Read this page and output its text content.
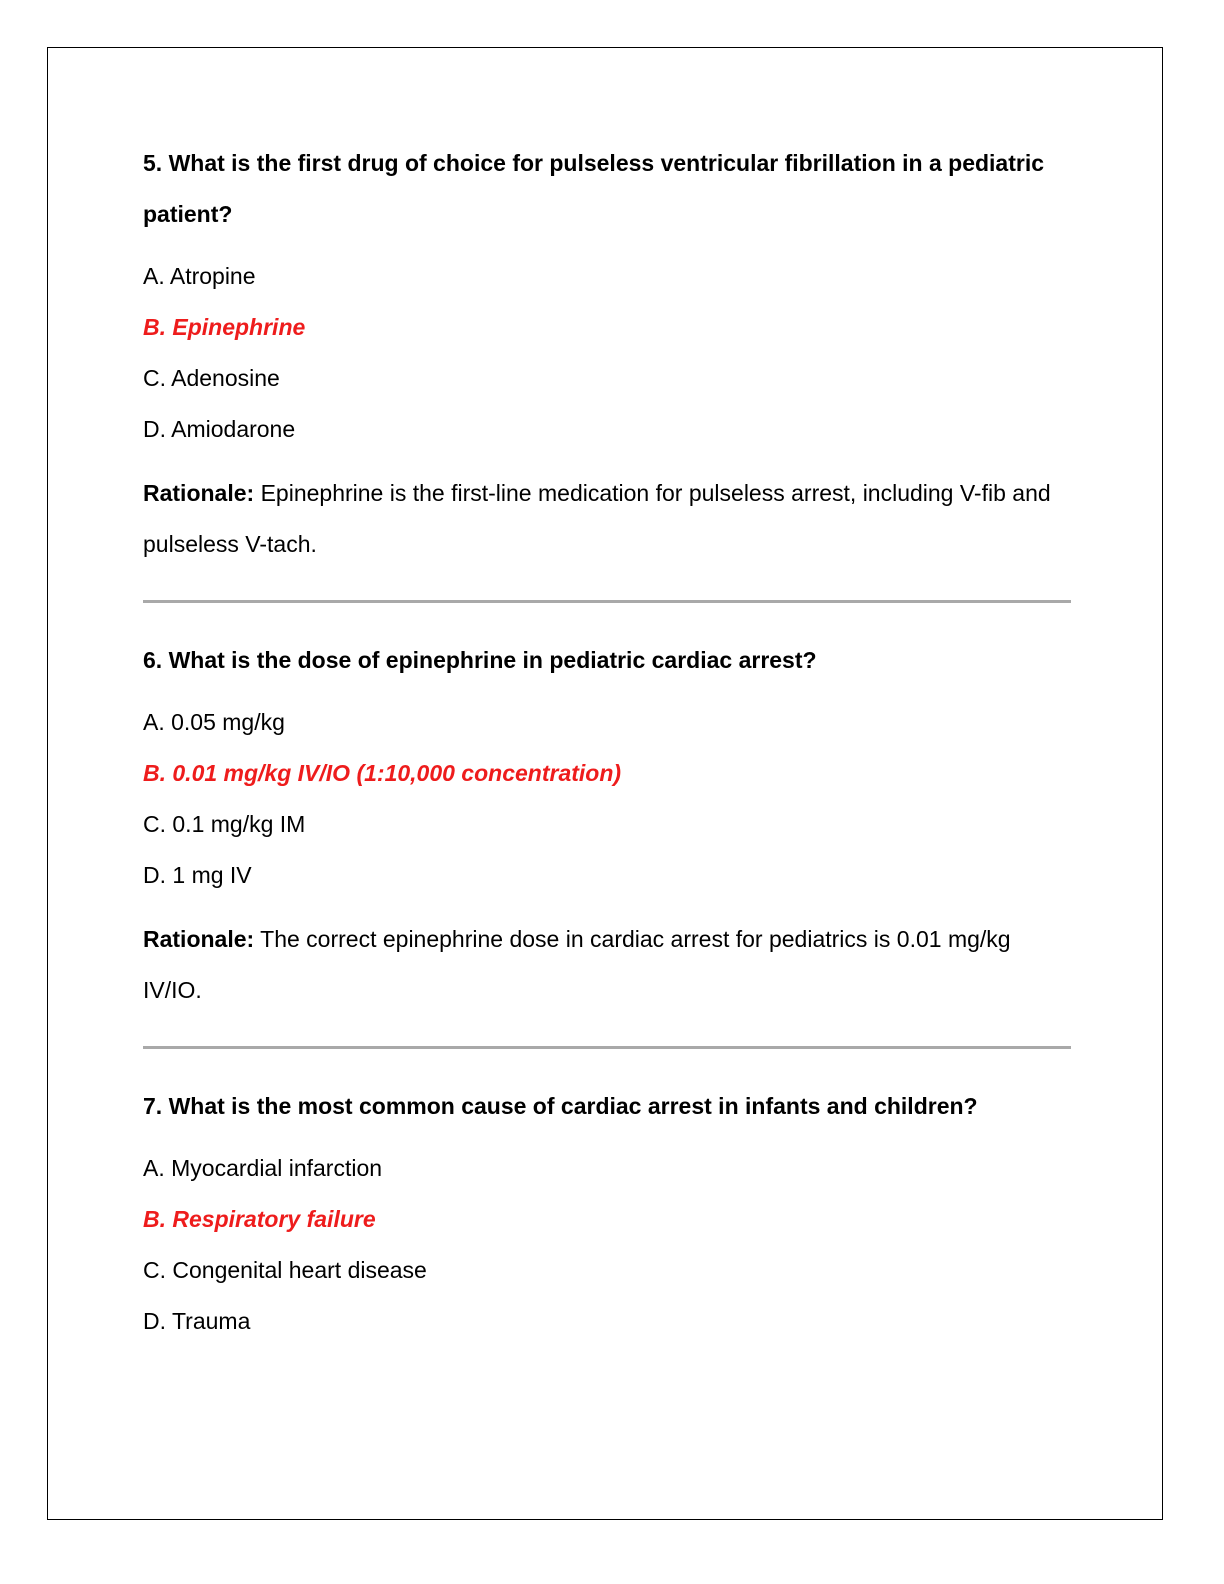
5. What is the first drug of choice for pulseless ventricular fibrillation in a pediatric patient?
A. Atropine
B. Epinephrine
C. Adenosine
D. Amiodarone
Rationale: Epinephrine is the first-line medication for pulseless arrest, including V-fib and pulseless V-tach.
6. What is the dose of epinephrine in pediatric cardiac arrest?
A. 0.05 mg/kg
B. 0.01 mg/kg IV/IO (1:10,000 concentration)
C. 0.1 mg/kg IM
D. 1 mg IV
Rationale: The correct epinephrine dose in cardiac arrest for pediatrics is 0.01 mg/kg IV/IO.
7. What is the most common cause of cardiac arrest in infants and children?
A. Myocardial infarction
B. Respiratory failure
C. Congenital heart disease
D. Trauma
